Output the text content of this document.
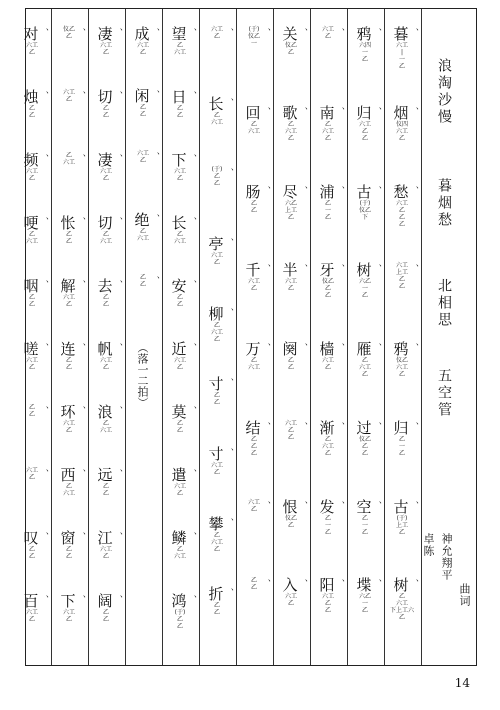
暮
六工
|
一
乙
、
烟
仪四
六工
乙
、
愁
六工
乙
乙
乙
、
六工
上工
乙
乙
、
鸦
仪乙
六工
乙
、
归
乙
一
乙
、
古
(于)
上工
乙
、
树
乙
六工
下上工六
乙
、
鸦
六四
一
乙
、
归
六工
乙
乙
、
古
(于)
仪乙
下
、
树
六乙
一
乙
、
雁
乙
六工
乙
、
过
仪乙
乙
乙
、
空
乙
一
乙
、
堞
六乙
一
乙
、
六工
乙 、
南
乙
六工
乙
、
浦
乙
一
乙
、
牙
仪乙
乙
乙
、
樯
六工
乙
、
渐
乙
六工
乙
、
发
乙
一
乙
、
阳
六工
乙
乙
、
关
仪乙
乙
、
歌
乙
六工
乙
、
尽
六乙
上工
乙
、
半
六工
乙
、
阕
乙
乙
、
六工
乙
乙
、
恨
仪乙
乙
、
入
六工
乙
、
(于)
仪乙
一
、
回
乙
六工
、
肠
乙
乙
、
千
六工
乙
、
万
乙
六工
、
结
乙
乙
乙
、
六工
乙 、
乙
乙 、
六工
乙 、
长
乙
六工
、
(于)
乙
乙
、
亭
六工
乙
、
柳
乙
六工
乙
、
寸
乙
乙
、
寸
六工
乙
、
攀
乙
六工
乙
、
折
乙
乙
、
望
乙
六工
、
日
乙
乙
、
下
六工
乙
、
长
乙
六工
、
安
乙
乙
、
近
六工
乙
、
莫
乙
乙
、
遣
六工
乙
、
鳞
乙
六工
、
鸿
(于)
乙
乙
、
成
六工
乙
、
闲
乙
乙
、
六工
乙 、
绝
乙
六工
、
乙
乙 、
（落一二拍）
凄
六工
乙
、
切
乙
乙
、
凄
六工
乙
、
切
乙
六工
、
去
乙
乙
、
帆
六工
乙
、
浪
乙
六工
、
远
乙
乙
、
江
六工
乙
、
阔
乙
乙
、
仪乙
乙 、
六工
乙 、
乙
六工 、
怅
乙
乙
、
解
六工
乙
、
连
乙
乙
、
环
六工
乙
、
西
乙
六工
、
窗
乙
乙
、
下
六工
乙
、
对
六工
乙
、
烛
乙
乙
、
频
六工
乙
、
哽
乙
六工
、
咽
乙
乙
、
嗟
六工
乙
、
乙
乙 、
六工
乙 、
叹
乙
乙
、
百
六工
乙
、
浪淘沙慢
暮烟愁
北相思
五空管
卓陈 神允翔平
曲词
14
